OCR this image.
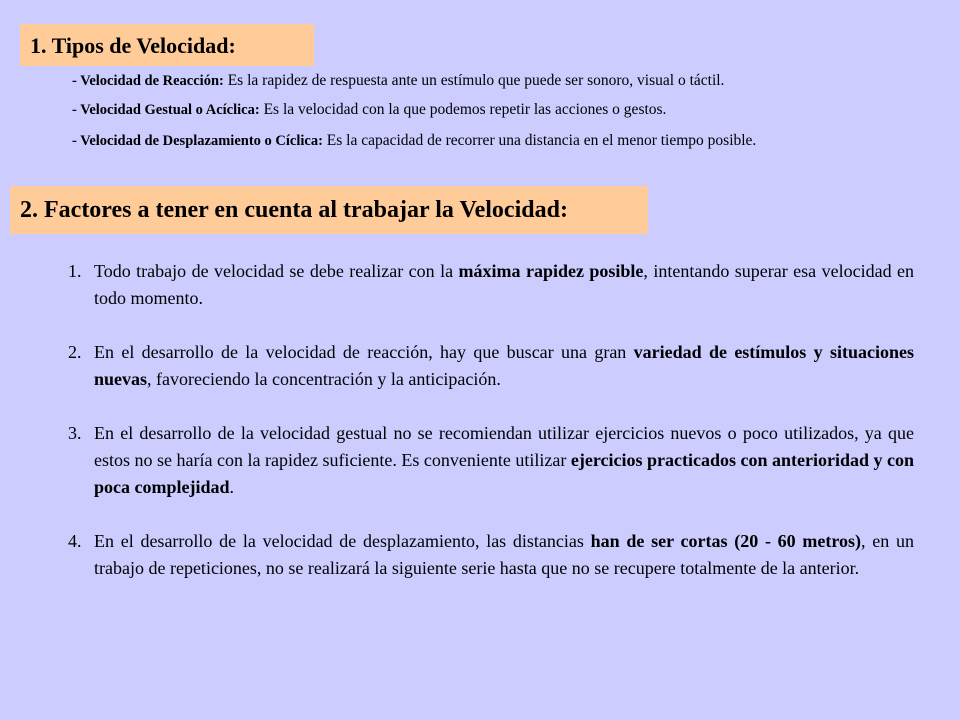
1. Tipos de Velocidad:
- Velocidad de Reacción: Es la rapidez de respuesta ante un estímulo que puede ser sonoro, visual o táctil.
- Velocidad Gestual o Acíclica: Es la velocidad con la que podemos repetir las acciones o gestos.
- Velocidad de Desplazamiento o Cíclica: Es la capacidad de recorrer una distancia en el menor tiempo posible.
2. Factores a tener en cuenta al trabajar la Velocidad:
1. Todo trabajo de velocidad se debe realizar con la máxima rapidez posible, intentando superar esa velocidad en todo momento.
2. En el desarrollo de la velocidad de reacción, hay que buscar una gran variedad de estímulos y situaciones nuevas, favoreciendo la concentración y la anticipación.
3. En el desarrollo de la velocidad gestual no se recomiendan utilizar ejercicios nuevos o poco utilizados, ya que estos no se haría con la rapidez suficiente. Es conveniente utilizar ejercicios practicados con anterioridad y con poca complejidad.
4. En el desarrollo de la velocidad de desplazamiento, las distancias han de ser cortas (20 - 60 metros), en un trabajo de repeticiones, no se realizará la siguiente serie hasta que no se recupere totalmente de la anterior.
